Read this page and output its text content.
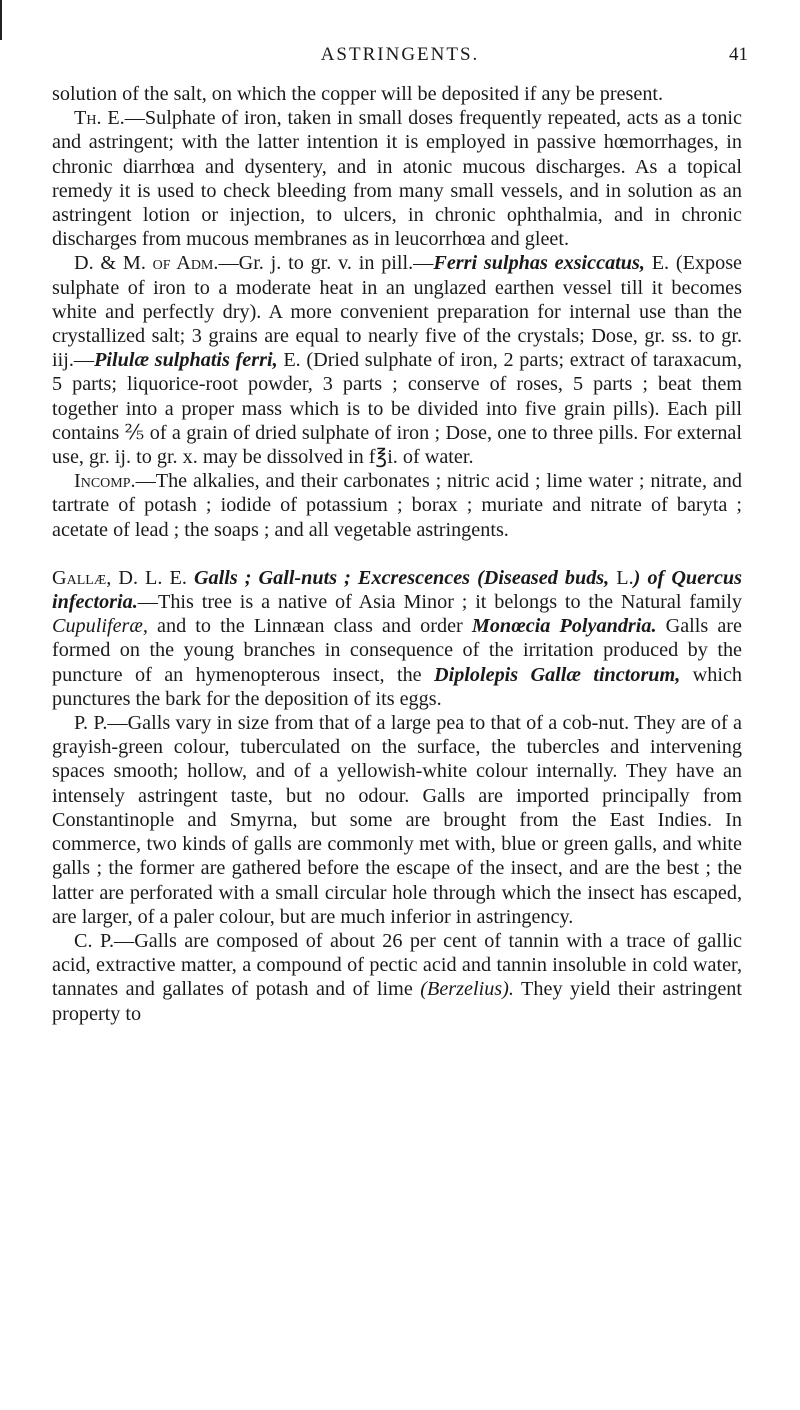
ASTRINGENTS.	41

solution of the salt, on which the copper will be deposited if any be present.

Th. E.—Sulphate of iron, taken in small doses frequently repeated, acts as a tonic and astringent; with the latter intention it is employed in passive hœmorrhages, in chronic diarrhœa and dysentery, and in atonic mucous discharges. As a topical remedy it is used to check bleeding from many small vessels, and in solution as an astringent lotion or injection, to ulcers, in chronic ophthalmia, and in chronic discharges from mucous membranes as in leucorrhœa and gleet.

D. & M. of Adm.—Gr. j. to gr. v. in pill.—Ferri sulphas exsiccatus, E. (Expose sulphate of iron to a moderate heat in an unglazed earthen vessel till it becomes white and perfectly dry). A more convenient preparation for internal use than the crystallized salt; 3 grains are equal to nearly five of the crystals; Dose, gr. ss. to gr. iij.—Pilulæ sulphatis ferri, E. (Dried sulphate of iron, 2 parts; extract of taraxacum, 5 parts; liquorice-root powder, 3 parts ; conserve of roses, 5 parts ; beat them together into a proper mass which is to be divided into five grain pills). Each pill contains ⅖ of a grain of dried sulphate of iron ; Dose, one to three pills. For external use, gr. ij. to gr. x. may be dissolved in f℥i. of water.

Incomp.—The alkalies, and their carbonates ; nitric acid ; lime water ; nitrate, and tartrate of potash ; iodide of potassium ; borax ; muriate and nitrate of baryta ; acetate of lead ; the soaps ; and all vegetable astringents.

Gallæ, D. L. E. Galls ; Gall-nuts ; Excrescences (Diseased buds, L.) of Quercus infectoria.—This tree is a native of Asia Minor ; it belongs to the Natural family Cupuliferæ, and to the Linnæan class and order Monœcia Polyandria. Galls are formed on the young branches in consequence of the irritation produced by the puncture of an hymenopterous insect, the Diplolepis Gallæ tinctorum, which punctures the bark for the deposition of its eggs.

P. P.—Galls vary in size from that of a large pea to that of a cob-nut. They are of a grayish-green colour, tuberculated on the surface, the tubercles and intervening spaces smooth; hollow, and of a yellowish-white colour internally. They have an intensely astringent taste, but no odour. Galls are imported principally from Constantinople and Smyrna, but some are brought from the East Indies. In commerce, two kinds of galls are commonly met with, blue or green galls, and white galls ; the former are gathered before the escape of the insect, and are the best ; the latter are perforated with a small circular hole through which the insect has escaped, are larger, of a paler colour, but are much inferior in astringency.

C. P.—Galls are composed of about 26 per cent of tannin with a trace of gallic acid, extractive matter, a compound of pectic acid and tannin insoluble in cold water, tannates and gallates of potash and of lime (Berzelius). They yield their astringent property to
